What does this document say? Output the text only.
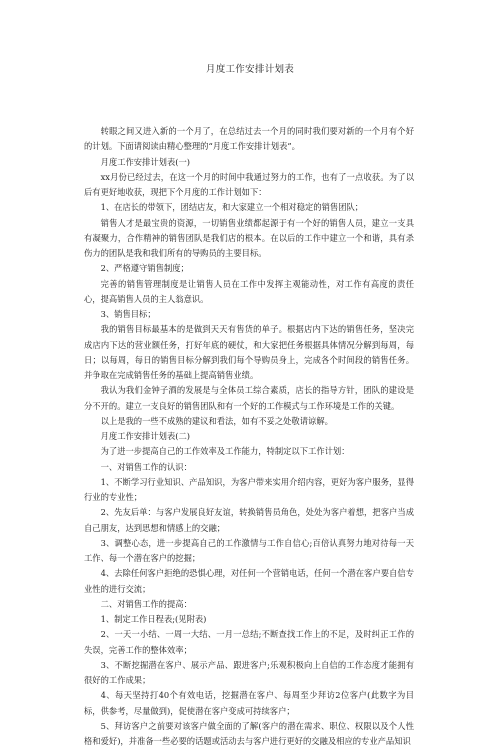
月度工作安排计划表

转眼之间又进入新的一个月了，在总结过去一个月的同时我们要对新的一个月有个好的计划。下面请阅读由精心整理的“月度工作安排计划表”。

月度工作安排计划表(一)

xx月份已经过去，在这一个月的时间中我通过努力的工作，也有了一点收获。为了以后有更好地收获，现把下个月度的工作计划如下：

1、在店长的带领下，团结店友，和大家建立一个相对稳定的销售团队；

销售人才是最宝贵的资源，一切销售业绩都起源于有一个好的销售人员，建立一支具有凝聚力，合作精神的销售团队是我们店的根本。在以后的工作中建立一个和谐，具有杀伤力的团队是我和我们所有的导购员的主要目标。

2、严格遵守销售制度；

完善的销售管理制度是让销售人员在工作中发挥主观能动性，对工作有高度的责任心，提高销售人员的主人翁意识。

3、销售目标；

我的销售目标最基本的是做到天天有售货的单子。根据店内下达的销售任务，坚决完成店内下达的营业额任务，打好年底的硬仗，和大家把任务根据具体情况分解到每周，每日；以每周，每日的销售目标分解到我们每个导购员身上，完成各个时间段的销售任务。并争取在完成销售任务的基础上提高销售业绩。

我认为我们金钟子酒的发展是与全体员工综合素质，店长的指导方针，团队的建设是分不开的。建立一支良好的销售团队和有一个好的工作模式与工作环境是工作的关键。

以上是我的一些不成熟的建议和看法，如有不妥之处敬请谅解。

月度工作安排计划表(二)

为了进一步提高自己的工作效率及工作能力，特制定以下工作计划：

一、对销售工作的认识：

1、不断学习行业知识、产品知识，为客户带来实用介绍内容，更好为客户服务，显得行业的专业性；

2、先友后单：与客户发展良好友谊，转换销售员角色，处处为客户着想，把客户当成自己朋友，达到思想和情感上的交融；

3、调整心态，进一步提高自己的工作激情与工作自信心;百倍认真努力地对待每一天工作、每一个潜在客户的挖掘；

4、去除任何客户拒绝的恐惧心理，对任何一个营销电话，任何一个潜在客户要自信专业性的进行交流；

二、对销售工作的提高：

1、制定工作日程表;(见附表)

2、一天一小结、一周一大结、一月一总结;不断查找工作上的不足，及时纠正工作的失误，完善工作的整体效率；

3、不断挖掘潜在客户、展示产品、跟进客户;乐观积极向上自信的工作态度才能拥有很好的工作成果；

4、每天坚持打40个有效电话，挖掘潜在客户、每周至少拜访2位客户(此数字为目标，供参考，尽量做到)，促使潜在客户变成可持续客户；

5、拜访客户之前要对该客户做全面的了解(客户的潜在需求、职位、权限以及个人性格和爱好)，并准备一些必要的话题或活动去与客户进行更好的交融及相应的专业产品知识
